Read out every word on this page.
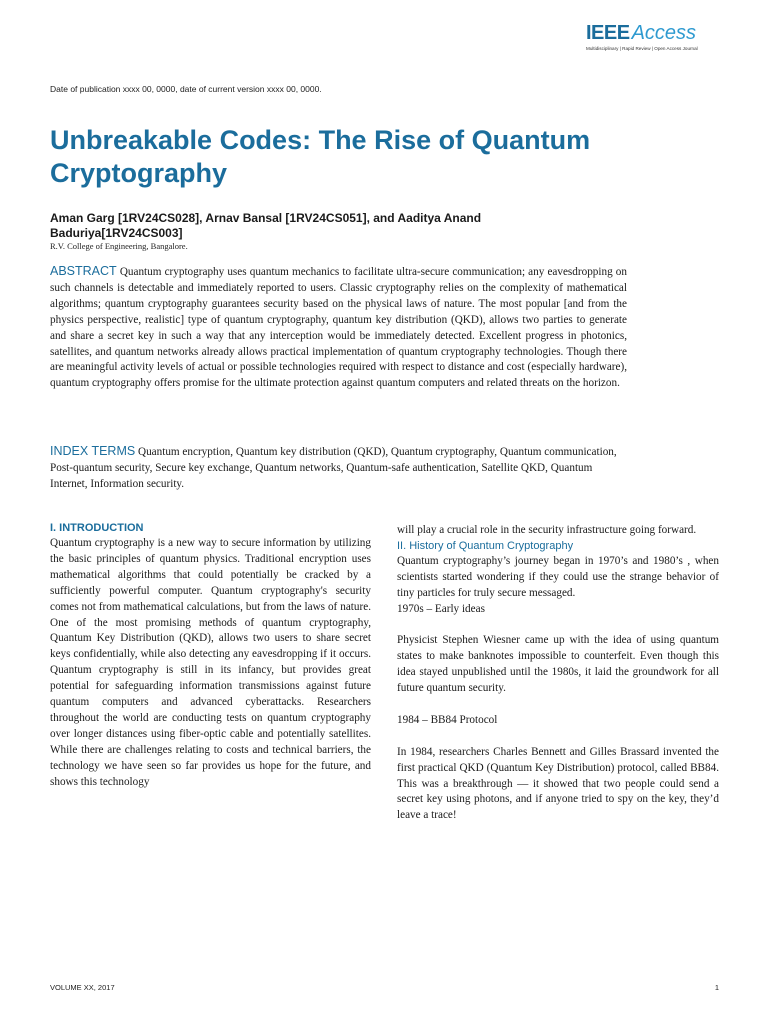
IEEE Access
Multidisciplinary | Rapid Review | Open Access Journal
Date of publication xxxx 00, 0000, date of current version xxxx 00, 0000.
Unbreakable Codes: The Rise of Quantum Cryptography
Aman Garg [1RV24CS028], Arnav Bansal [1RV24CS051], and Aaditya Anand Baduriya[1RV24CS003]
R.V. College of Engineering, Bangalore.
ABSTRACT Quantum cryptography uses quantum mechanics to facilitate ultra-secure communication; any eavesdropping on such channels is detectable and immediately reported to users. Classic cryptography relies on the complexity of mathematical algorithms; quantum cryptography guarantees security based on the physical laws of nature. The most popular [and from the physics perspective, realistic] type of quantum cryptography, quantum key distribution (QKD), allows two parties to generate and share a secret key in such a way that any interception would be immediately detected. Excellent progress in photonics, satellites, and quantum networks already allows practical implementation of quantum cryptography technologies. Though there are meaningful activity levels of actual or possible technologies required with respect to distance and cost (especially hardware), quantum cryptography offers promise for the ultimate protection against quantum computers and related threats on the horizon.
INDEX TERMS Quantum encryption, Quantum key distribution (QKD), Quantum cryptography, Quantum communication, Post-quantum security, Secure key exchange, Quantum networks, Quantum-safe authentication, Satellite QKD, Quantum Internet, Information security.
I. INTRODUCTION

Quantum cryptography is a new way to secure information by utilizing the basic principles of quantum physics. Traditional encryption uses mathematical algorithms that could potentially be cracked by a sufficiently powerful computer. Quantum cryptography's security comes not from mathematical calculations, but from the laws of nature. One of the most promising methods of quantum cryptography, Quantum Key Distribution (QKD), allows two users to share secret keys confidentially, while also detecting any eavesdropping if it occurs. Quantum cryptography is still in its infancy, but provides great potential for safeguarding information transmissions against future quantum computers and advanced cyberattacks. Researchers throughout the world are conducting tests on quantum cryptography over longer distances using fiber-optic cable and potentially satellites. While there are challenges relating to costs and technical barriers, the technology we have seen so far provides us hope for the future, and shows this technology

will play a crucial role in the security infrastructure going forward.

II. History of Quantum Cryptography

Quantum cryptography’s journey began in 1970’s and 1980’s , when scientists started wondering if they could use the strange behavior of tiny particles for truly secure messaged.

1970s – Early ideas

Physicist Stephen Wiesner came up with the idea of using quantum states to make banknotes impossible to counterfeit. Even though this idea stayed unpublished until the 1980s, it laid the groundwork for all future quantum security.

1984 – BB84 Protocol

In 1984, researchers Charles Bennett and Gilles Brassard invented the first practical QKD (Quantum Key Distribution) protocol, called BB84. This was a breakthrough — it showed that two people could send a secret key using photons, and if anyone tried to spy on the key, they’d leave a trace!

VOLUME XX, 2017	1
